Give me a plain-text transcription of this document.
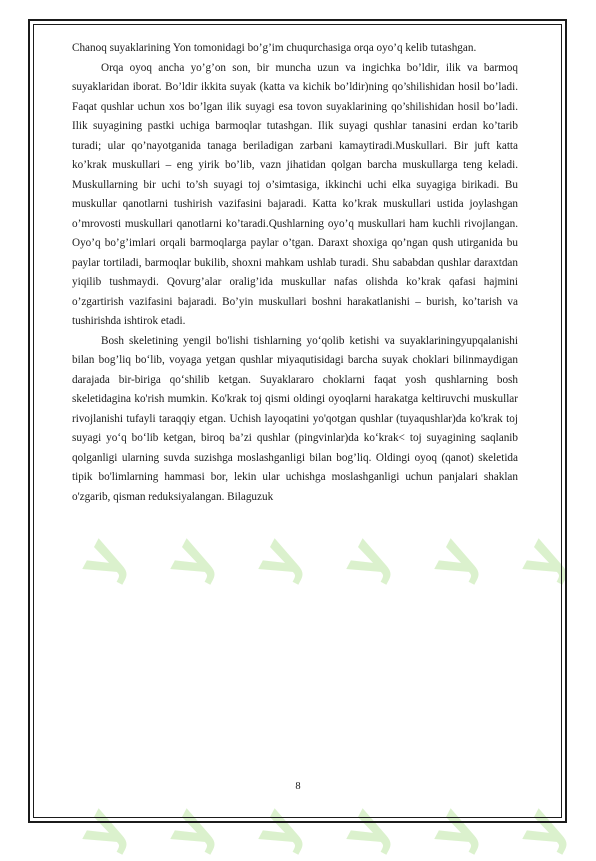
y y y y y y
y y y y y y

Chanoq suyaklarining Yon tomonidagi bo’g’im chuqurchasiga orqa oyo’q kelib tutashgan.

Orqa oyoq ancha yo’g’on son, bir muncha uzun va ingichka bo’ldir, ilik va barmoq suyaklaridan iborat. Bo’ldir ikkita suyak (katta va kichik bo’ldir)ning qo’shilishidan hosil bo’ladi. Faqat qushlar uchun xos bo’lgan ilik suyagi esa tovon suyaklarining qo’shilishidan hosil bo’ladi. Ilik suyagining pastki uchiga barmoqlar tutashgan. Ilik suyagi qushlar tanasini erdan ko’tarib turadi; ular qo’nayotganida tanaga beriladigan zarbani kamaytiradi.Muskullari. Bir juft katta ko’krak muskullari – eng yirik bo’lib, vazn jihatidan qolgan barcha muskullarga teng keladi. Muskullarning bir uchi to’sh suyagi toj o’simtasiga, ikkinchi uchi elka suyagiga birikadi. Bu muskullar qanotlarni tushirish vazifasini bajaradi. Katta ko’krak muskullari ustida joylashgan o’mrovosti muskullari qanotlarni ko’taradi.Qushlarning oyo’q muskullari ham kuchli rivojlangan. Oyo’q bo’g’imlari orqali barmoqlarga paylar o’tgan. Daraxt shoxiga qo’ngan qush utirganida bu paylar tortiladi, barmoqlar bukilib, shoxni mahkam ushlab turadi. Shu sababdan qushlar daraxtdan yiqilib tushmaydi. Qovurg’alar oralig’ida muskullar nafas olishda ko’krak qafasi hajmini o’zgartirish vazifasini bajaradi. Bo’yin muskullari boshni harakatlanishi – burish, ko’tarish va tushirishda ishtirok etadi.

Bosh skeletining yengil bo'lishi tishlarning yo‘qolib ketishi va suyaklariningyupqalanishi bilan bog’liq bo‘lib, voyaga yetgan qushlar miyaqutisidagi barcha suyak choklari bilinmaydigan darajada bir-biriga qo‘shilib ketgan. Suyaklararo choklarni faqat yosh qushlarning bosh skeletidagina ko'rish mumkin. Ko'krak toj qismi oldingi oyoqlarni harakatga keltiruvchi muskullar rivojlanishi tufayli taraqqiy etgan. Uchish layoqatini yo'qotgan qushlar (tuyaqushlar)da ko'krak toj suyagi yo‘q bo‘lib ketgan, biroq ba’zi qushlar (pingvinlar)da ko‘krak< toj suyagining saqlanib qolganligi ularning suvda suzishga moslashganligi bilan bog’liq. Oldingi oyoq (qanot) skeletida tipik bo'limlarning hammasi bor, lekin ular uchishga moslashganligi uchun panjalari shaklan o'zgarib, qisman reduksiyalangan. Bilaguzuk

8
